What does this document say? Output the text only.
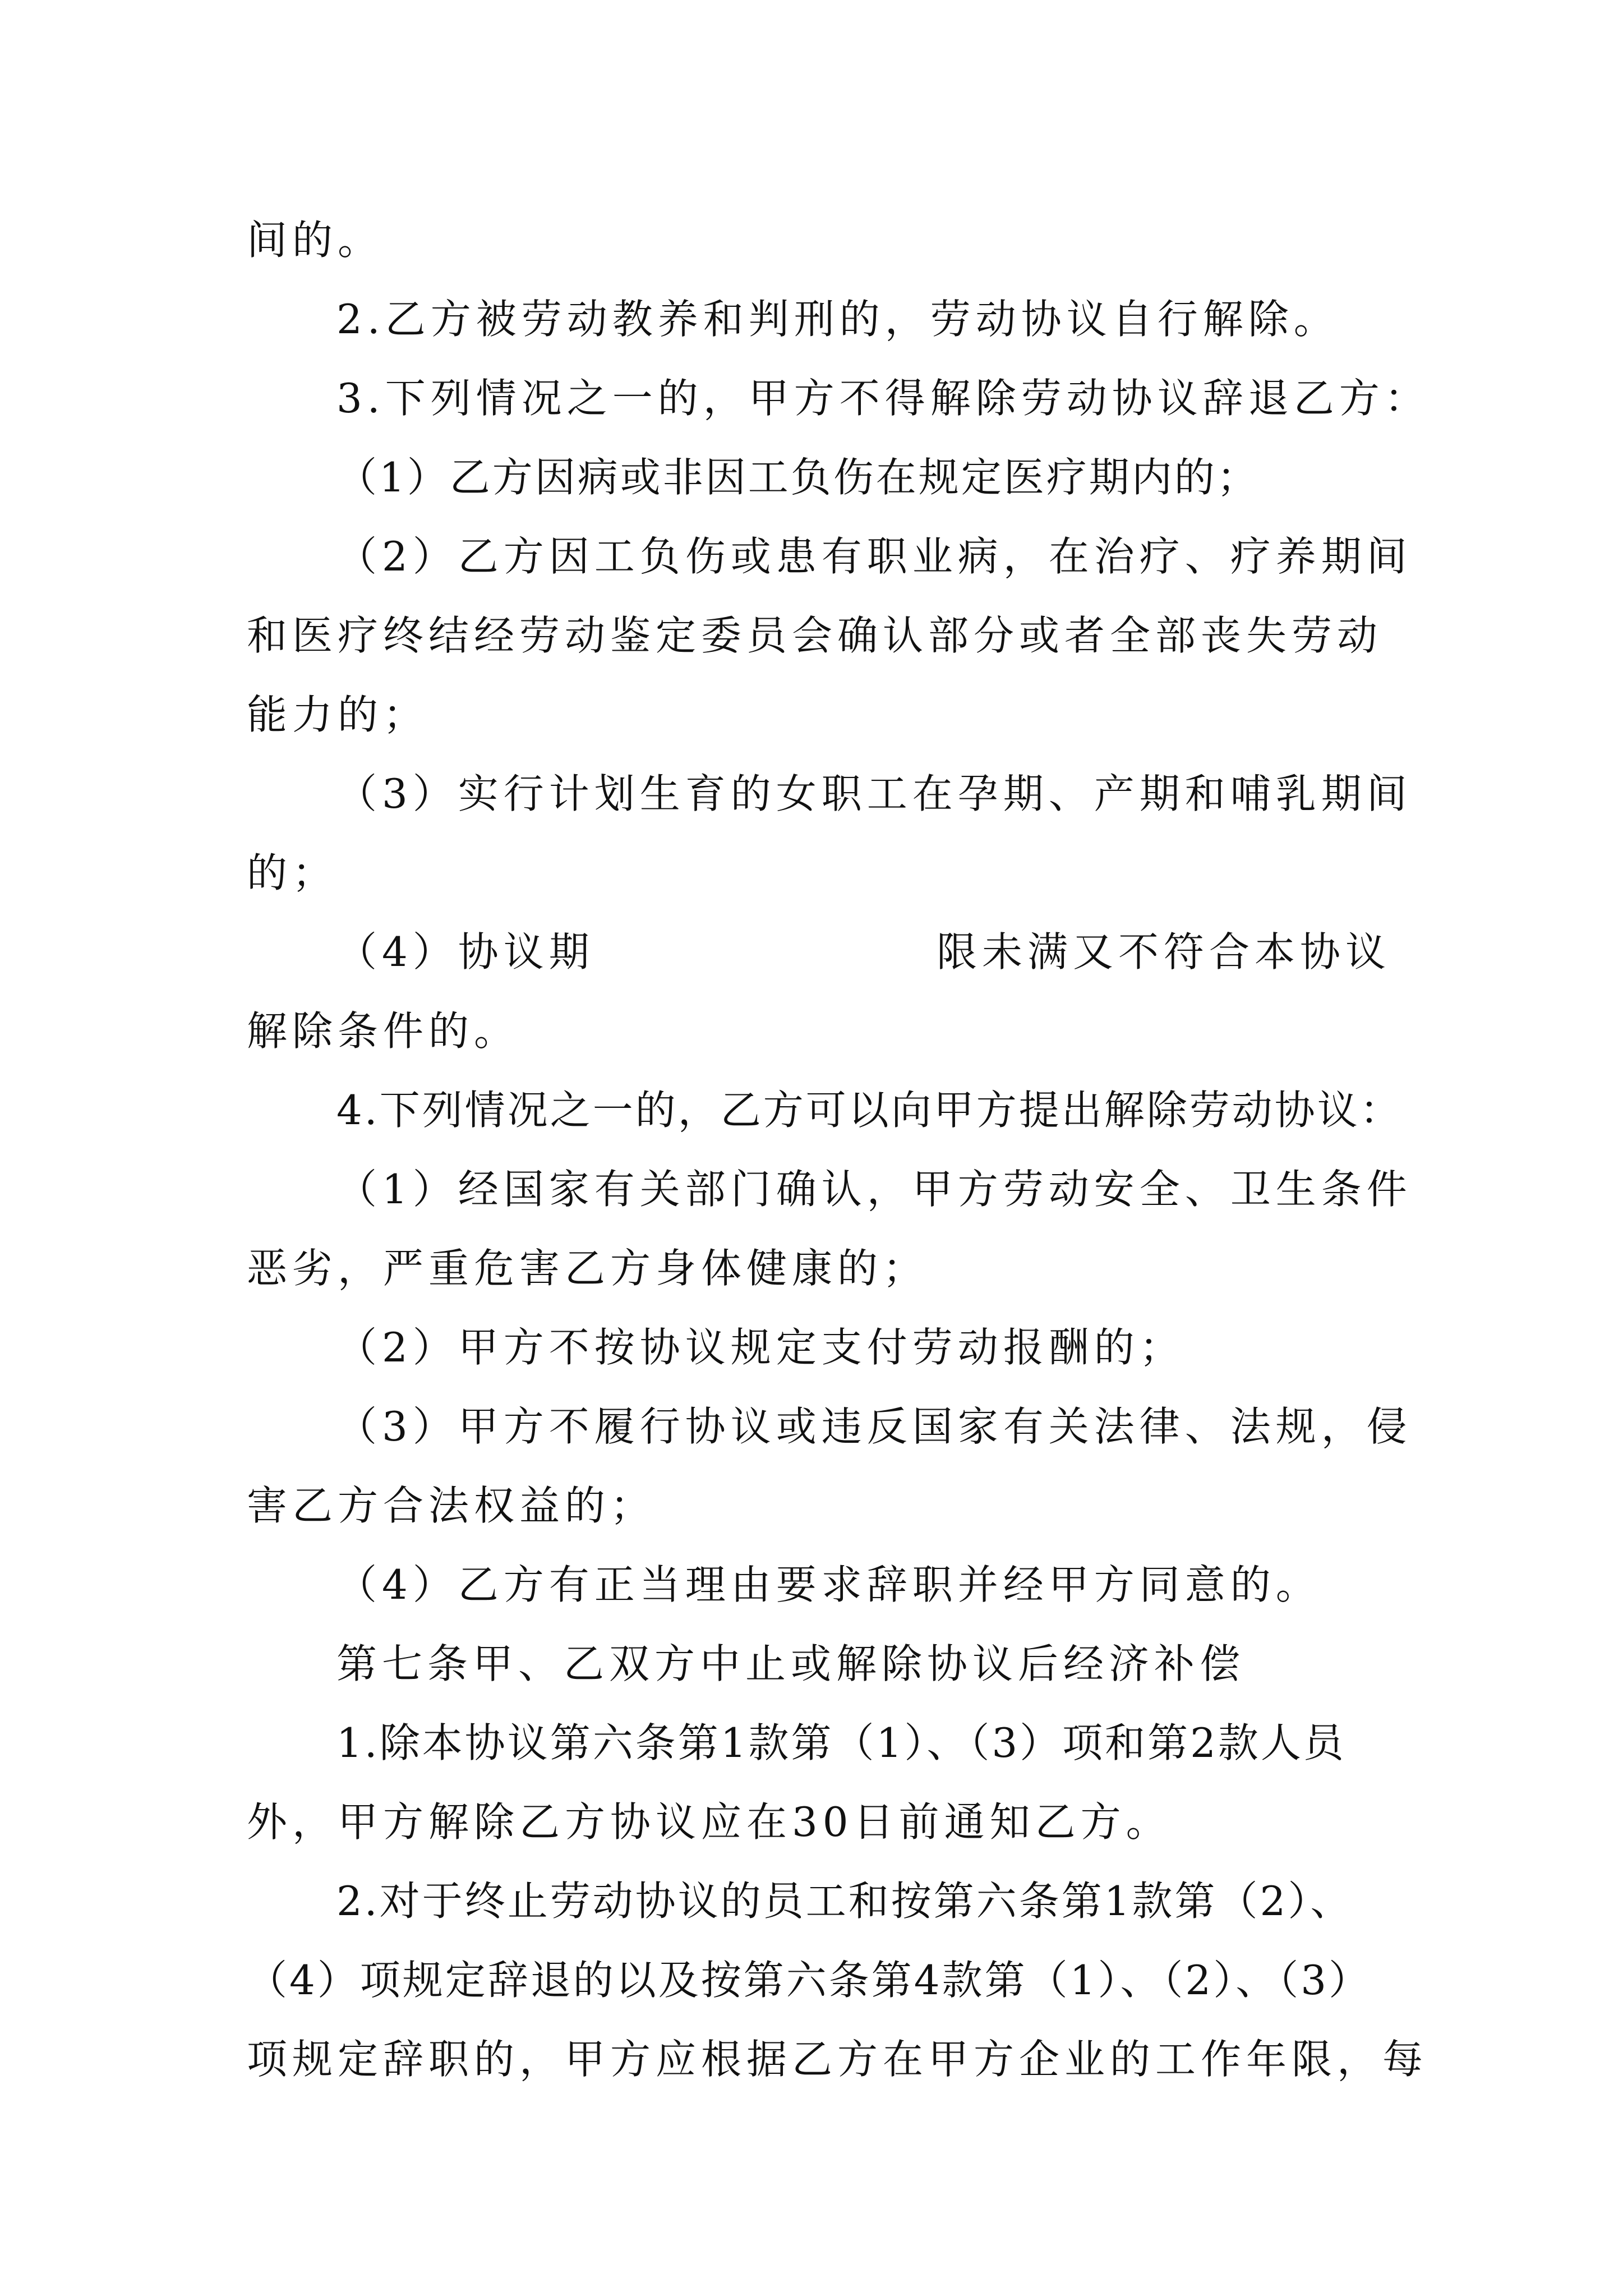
间的。
2.乙方被劳动教养和判刑的，劳动协议自行解除。
3.下列情况之一的，甲方不得解除劳动协议辞退乙方：
（1）乙方因病或非因工负伤在规定医疗期内的；
（2）乙方因工负伤或患有职业病，在治疗、疗养期间
和医疗终结经劳动鉴定委员会确认部分或者全部丧失劳动
能力的；
（3）实行计划生育的女职工在孕期、产期和哺乳期间
的；
（4）协议期	限未满又不符合本协议
解除条件的。
4.下列情况之一的，乙方可以向甲方提出解除劳动协议：
（1）经国家有关部门确认，甲方劳动安全、卫生条件
恶劣，严重危害乙方身体健康的；
（2）甲方不按协议规定支付劳动报酬的；
（3）甲方不履行协议或违反国家有关法律、法规，侵
害乙方合法权益的；
（4）乙方有正当理由要求辞职并经甲方同意的。
第七条甲、乙双方中止或解除协议后经济补偿
1.除本协议第六条第1款第（1）、（3）项和第2款人员
外，甲方解除乙方协议应在30日前通知乙方。
2.对于终止劳动协议的员工和按第六条第1款第（2）、
（4）项规定辞退的以及按第六条第4款第（1）、（2）、（3）
项规定辞职的，甲方应根据乙方在甲方企业的工作年限，每
